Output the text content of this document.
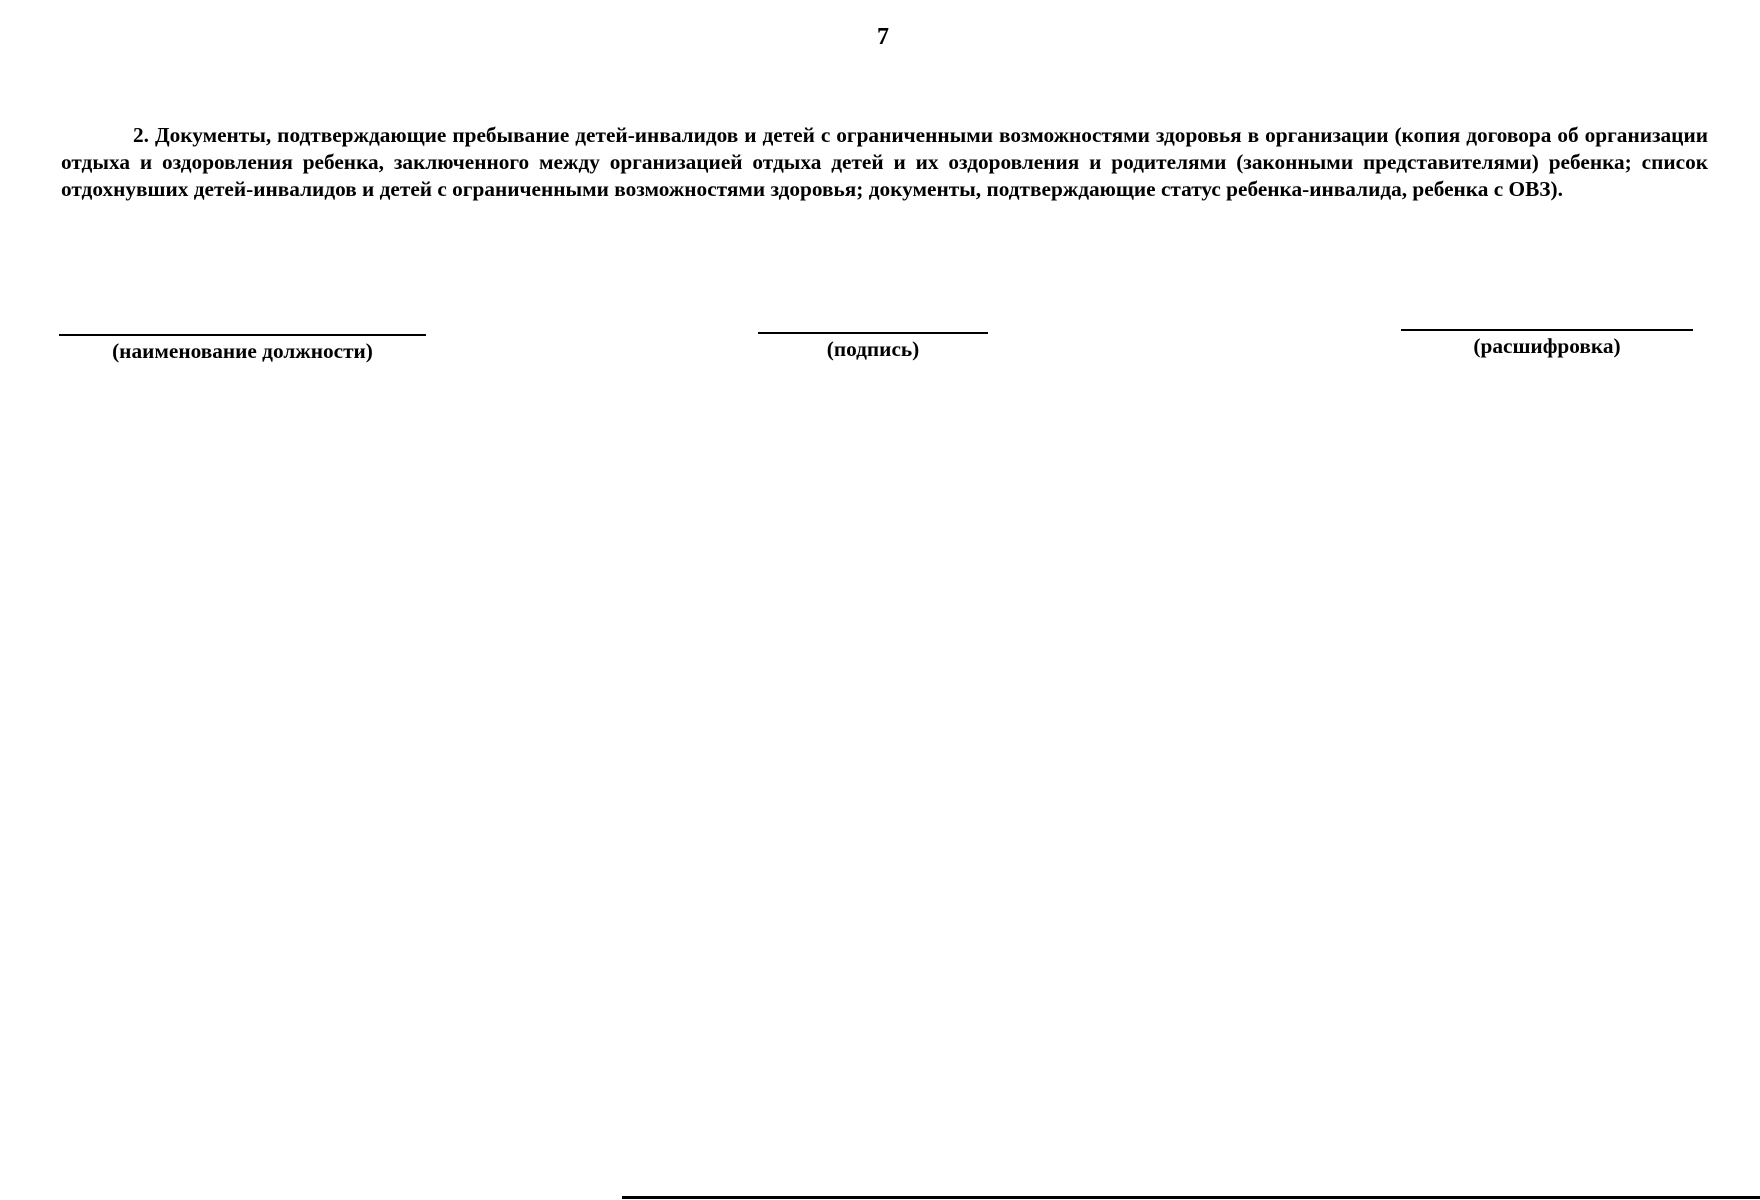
7

2. Документы, подтверждающие пребывание детей-инвалидов и детей с ограниченными возможностями здоровья в организации (копия договора об организации отдыха и оздоровления ребенка, заключенного между организацией отдыха детей и их оздоровления и родителями (законными представителями) ребенка; список отдохнувших детей-инвалидов и детей с ограниченными возможностями здоровья; документы, подтверждающие статус ребенка-инвалида, ребенка с ОВЗ).

(наименование должности)	(подпись)	(расшифровка)
